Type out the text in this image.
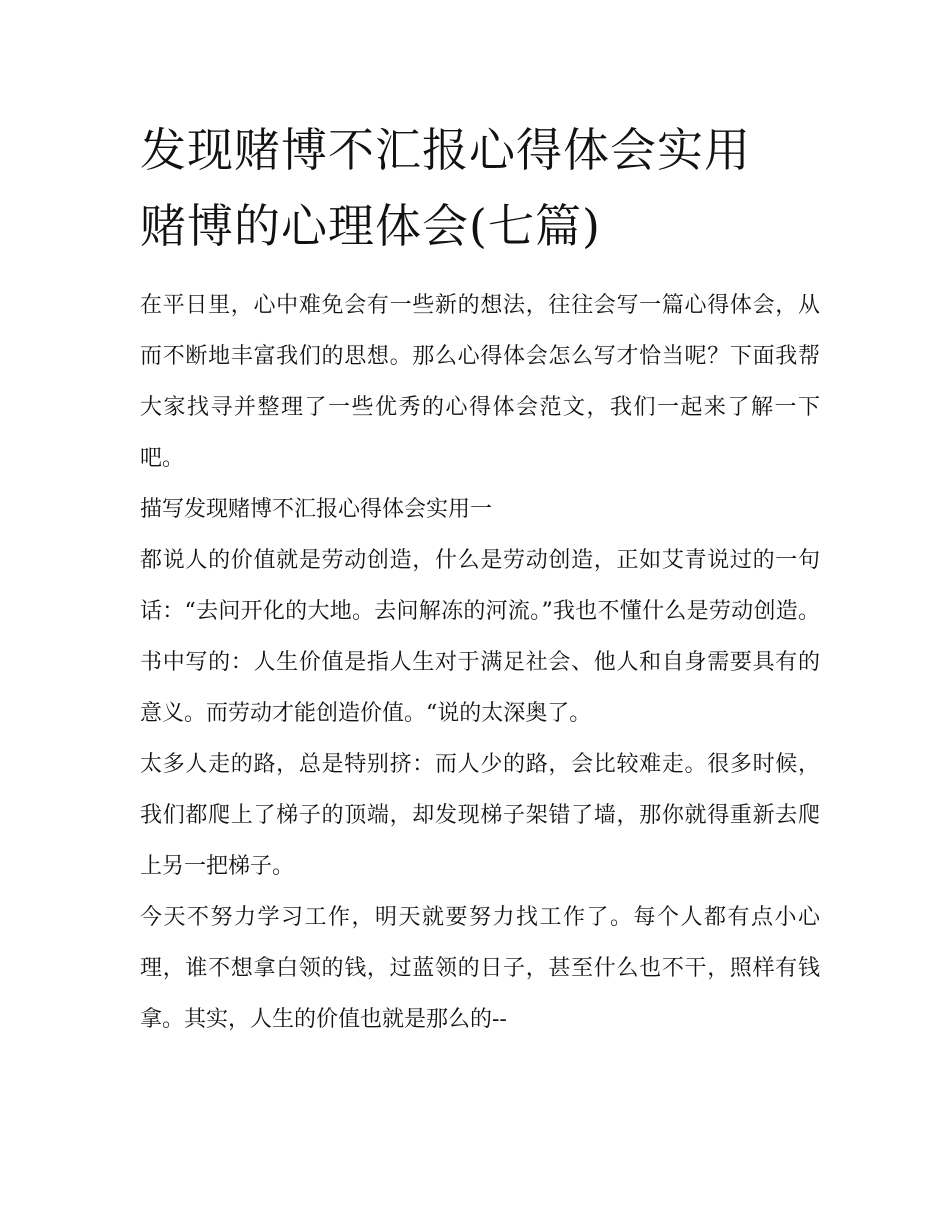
发现赌博不汇报心得体会实用
赌博的心理体会(七篇)

在平日里，心中难免会有一些新的想法，往往会写一篇心得体会，从而不断地丰富我们的思想。那么心得体会怎么写才恰当呢？下面我帮大家找寻并整理了一些优秀的心得体会范文，我们一起来了解一下吧。

描写发现赌博不汇报心得体会实用一

都说人的价值就是劳动创造，什么是劳动创造，正如艾青说过的一句话：“去问开化的大地。去问解冻的河流。”我也不懂什么是劳动创造。书中写的：人生价值是指人生对于满足社会、他人和自身需要具有的意义。而劳动才能创造价值。“说的太深奥了。

太多人走的路，总是特别挤：而人少的路，会比较难走。很多时候，我们都爬上了梯子的顶端，却发现梯子架错了墙，那你就得重新去爬上另一把梯子。

今天不努力学习工作，明天就要努力找工作了。每个人都有点小心理，谁不想拿白领的钱，过蓝领的日子，甚至什么也不干，照样有钱拿。其实，人生的价值也就是那么的--
